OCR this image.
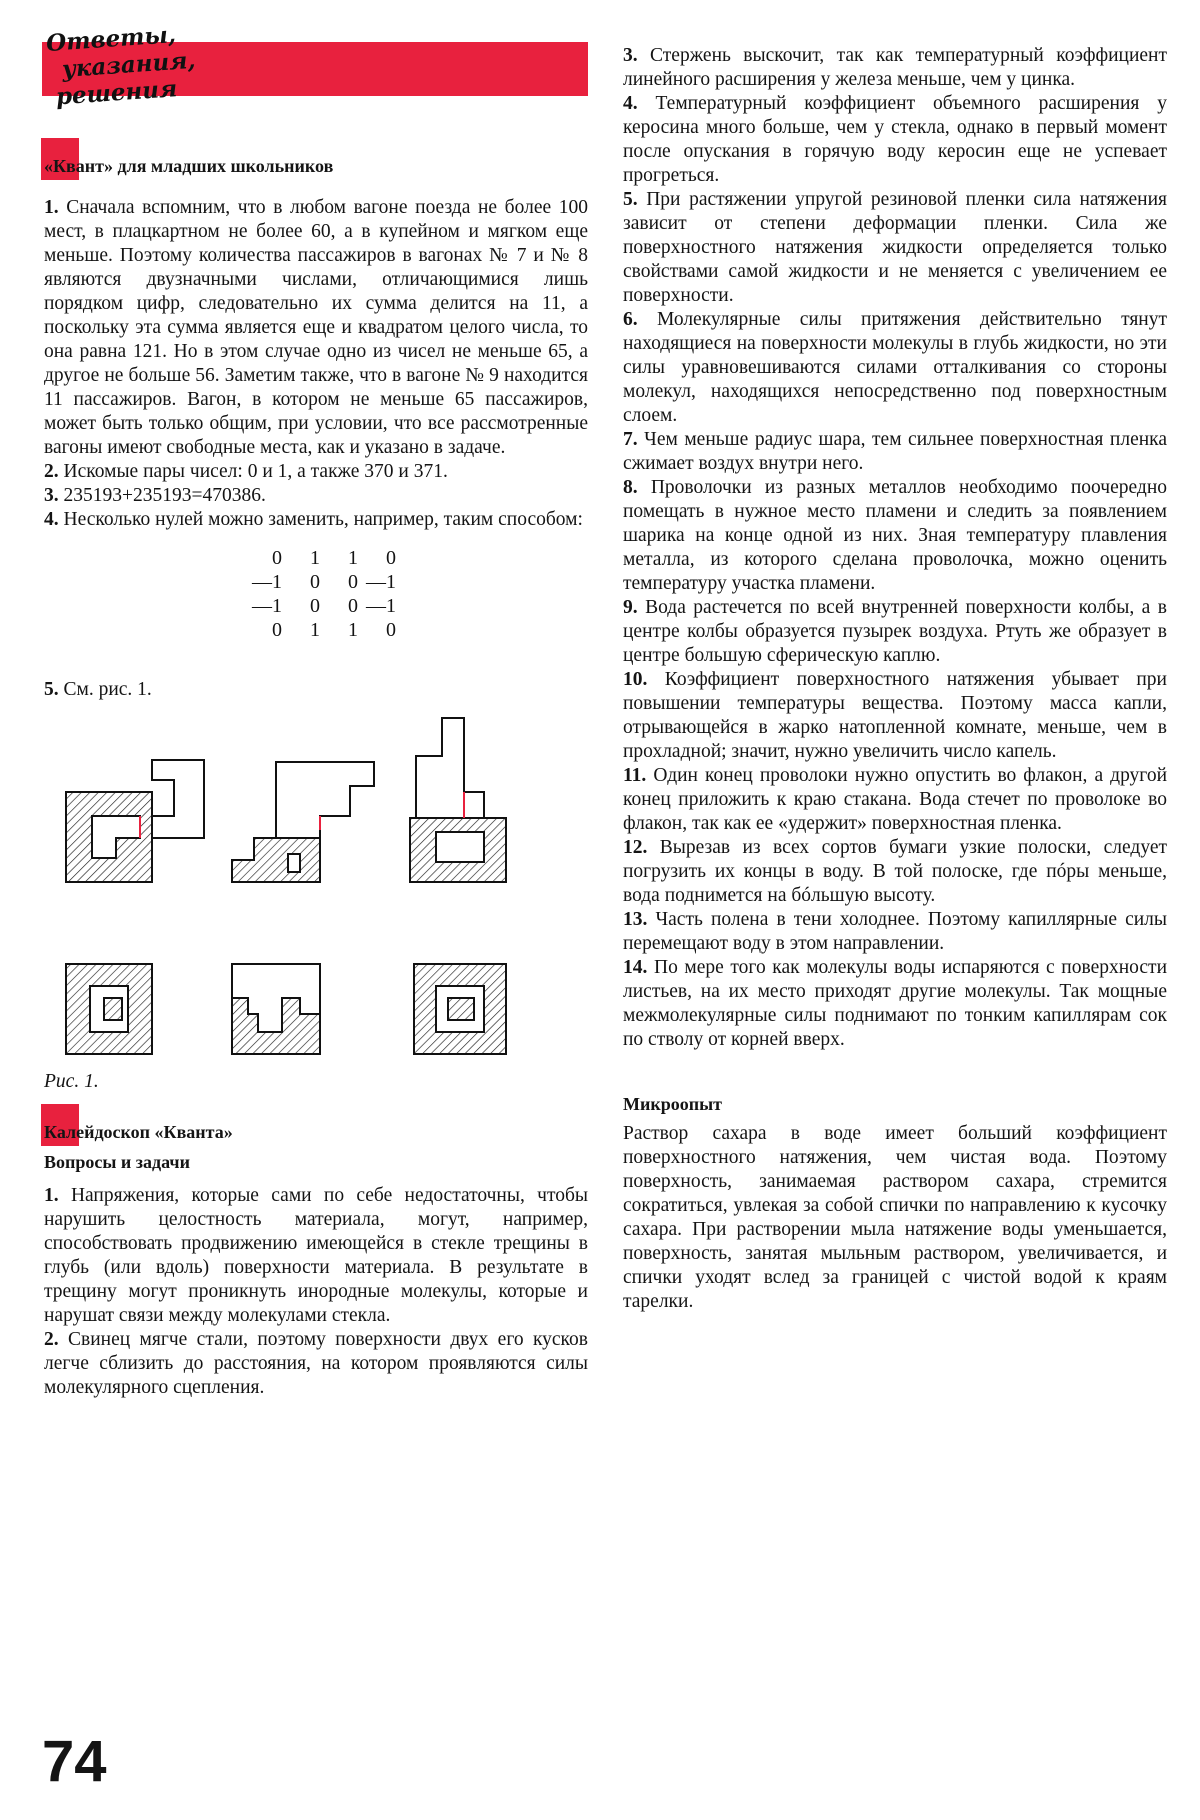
Ответы,
указания,
решения

«Квант» для младших школьников

1. Сначала вспомним, что в любом вагоне поезда не более 100 мест, в плацкартном не более 60, а в купейном и мягком еще меньше. Поэтому количества пассажиров в вагонах № 7 и № 8 являются двузначными числами, отличающимися лишь порядком цифр, следовательно их сумма делится на 11, а поскольку эта сумма является еще и квадратом целого числа, то она равна 121. Но в этом случае одно из чисел не меньше 65, а другое не больше 56. Заметим также, что в вагоне № 9 находится 11 пассажиров. Вагон, в котором не меньше 65 пассажиров, может быть только общим, при условии, что все рассмотренные вагоны имеют свободные места, как и указано в задаче.

2. Искомые пары чисел: 0 и 1, а также 370 и 371.

3. 235193+235193=470386.

4. Несколько нулей можно заменить, например, таким способом:

0	1	1	0
—1	0	0 —1
—1	0	0 —1
0	1	1	0

5. См. рис. 1.

Рис. 1.

Калейдоскоп «Кванта»

Вопросы и задачи

1. Напряжения, которые сами по себе недостаточны, чтобы нарушить целостность материала, могут, например, способствовать продвижению имеющейся в стекле трещины в глубь (или вдоль) поверхности материала. В результате в трещину могут проникнуть инородные молекулы, которые и нарушат связи между молекулами стекла.

2. Свинец мягче стали, поэтому поверхности двух его кусков легче сблизить до расстояния, на котором проявляются силы молекулярного сцепления.

3. Стержень выскочит, так как температурный коэффициент линейного расширения у железа меньше, чем у цинка.

4. Температурный коэффициент объемного расширения у керосина много больше, чем у стекла, однако в первый момент после опускания в горячую воду керосин еще не успевает прогреться.

5. При растяжении упругой резиновой пленки сила натяжения зависит от степени деформации пленки. Сила же поверхностного натяжения жидкости определяется только свойствами самой жидкости и не меняется с увеличением ее поверхности.

6. Молекулярные силы притяжения действительно тянут находящиеся на поверхности молекулы в глубь жидкости, но эти силы уравновешиваются силами отталкивания со стороны молекул, находящихся непосредственно под поверхностным слоем.

7. Чем меньше радиус шара, тем сильнее поверхностная пленка сжимает воздух внутри него.

8. Проволочки из разных металлов необходимо поочередно помещать в нужное место пламени и следить за появлением шарика на конце одной из них. Зная температуру плавления металла, из которого сделана проволочка, можно оценить температуру участка пламени.

9. Вода растечется по всей внутренней поверхности колбы, а в центре колбы образуется пузырек воздуха. Ртуть же образует в центре большую сферическую каплю.

10. Коэффициент поверхностного натяжения убывает при повышении температуры вещества. Поэтому масса капли, отрывающейся в жарко натопленной комнате, меньше, чем в прохладной; значит, нужно увеличить число капель.

11. Один конец проволоки нужно опустить во флакон, а другой конец приложить к краю стакана. Вода стечет по проволоке во флакон, так как ее «удержит» поверхностная пленка.

12. Вырезав из всех сортов бумаги узкие полоски, следует погрузить их концы в воду. В той полоске, где пóры меньше, вода поднимется на бóльшую высоту.

13. Часть полена в тени холоднее. Поэтому капиллярные силы перемещают воду в этом направлении.

14. По мере того как молекулы воды испаряются с поверхности листьев, на их место приходят другие молекулы. Так мощные межмолекулярные силы поднимают по тонким капиллярам сок по стволу от корней вверх.

Микроопыт

Раствор сахара в воде имеет больший коэффициент поверхностного натяжения, чем чистая вода. Поэтому поверхность, занимаемая раствором сахара, стремится сократиться, увлекая за собой спички по направлению к кусочку сахара. При растворении мыла натяжение воды уменьшается, поверхность, занятая мыльным раствором, увеличивается, и спички уходят вслед за границей с чистой водой к краям тарелки.

74
